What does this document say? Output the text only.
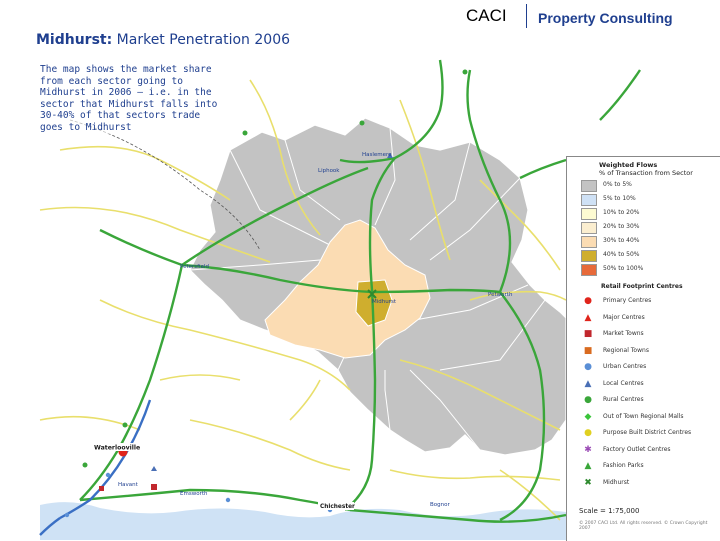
CACI Property Consulting
Midhurst: Market Penetration 2006
Waterlooville
Liphook
Midhurst
Petworth
Haslemere
Petersfield
Chichester
Havant
Emsworth
Bognor
The map shows the market share from each sector going to Midhurst in 2006 – i.e. in the sector that Midhurst falls into 30-40% of that sectors trade goes to Midhurst
Weighted Flows
% of Transaction from Sector
0% to 5%
5% to 10%
10% to 20%
20% to 30%
30% to 40%
40% to 50%
50% to 100%
Retail Footprint Centres
● Primary Centres
▲ Major Centres
■ Market Towns
■ Regional Towns
● Urban Centres
▲ Local Centres
● Rural Centres
◆ Out of Town Regional Malls
● Purpose Built District Centres
✱ Factory Outlet Centres
▲ Fashion Parks
✖ Midhurst
Scale = 1:75,000
© 2007 CACI Ltd. All rights reserved. © Crown Copyright 2007
